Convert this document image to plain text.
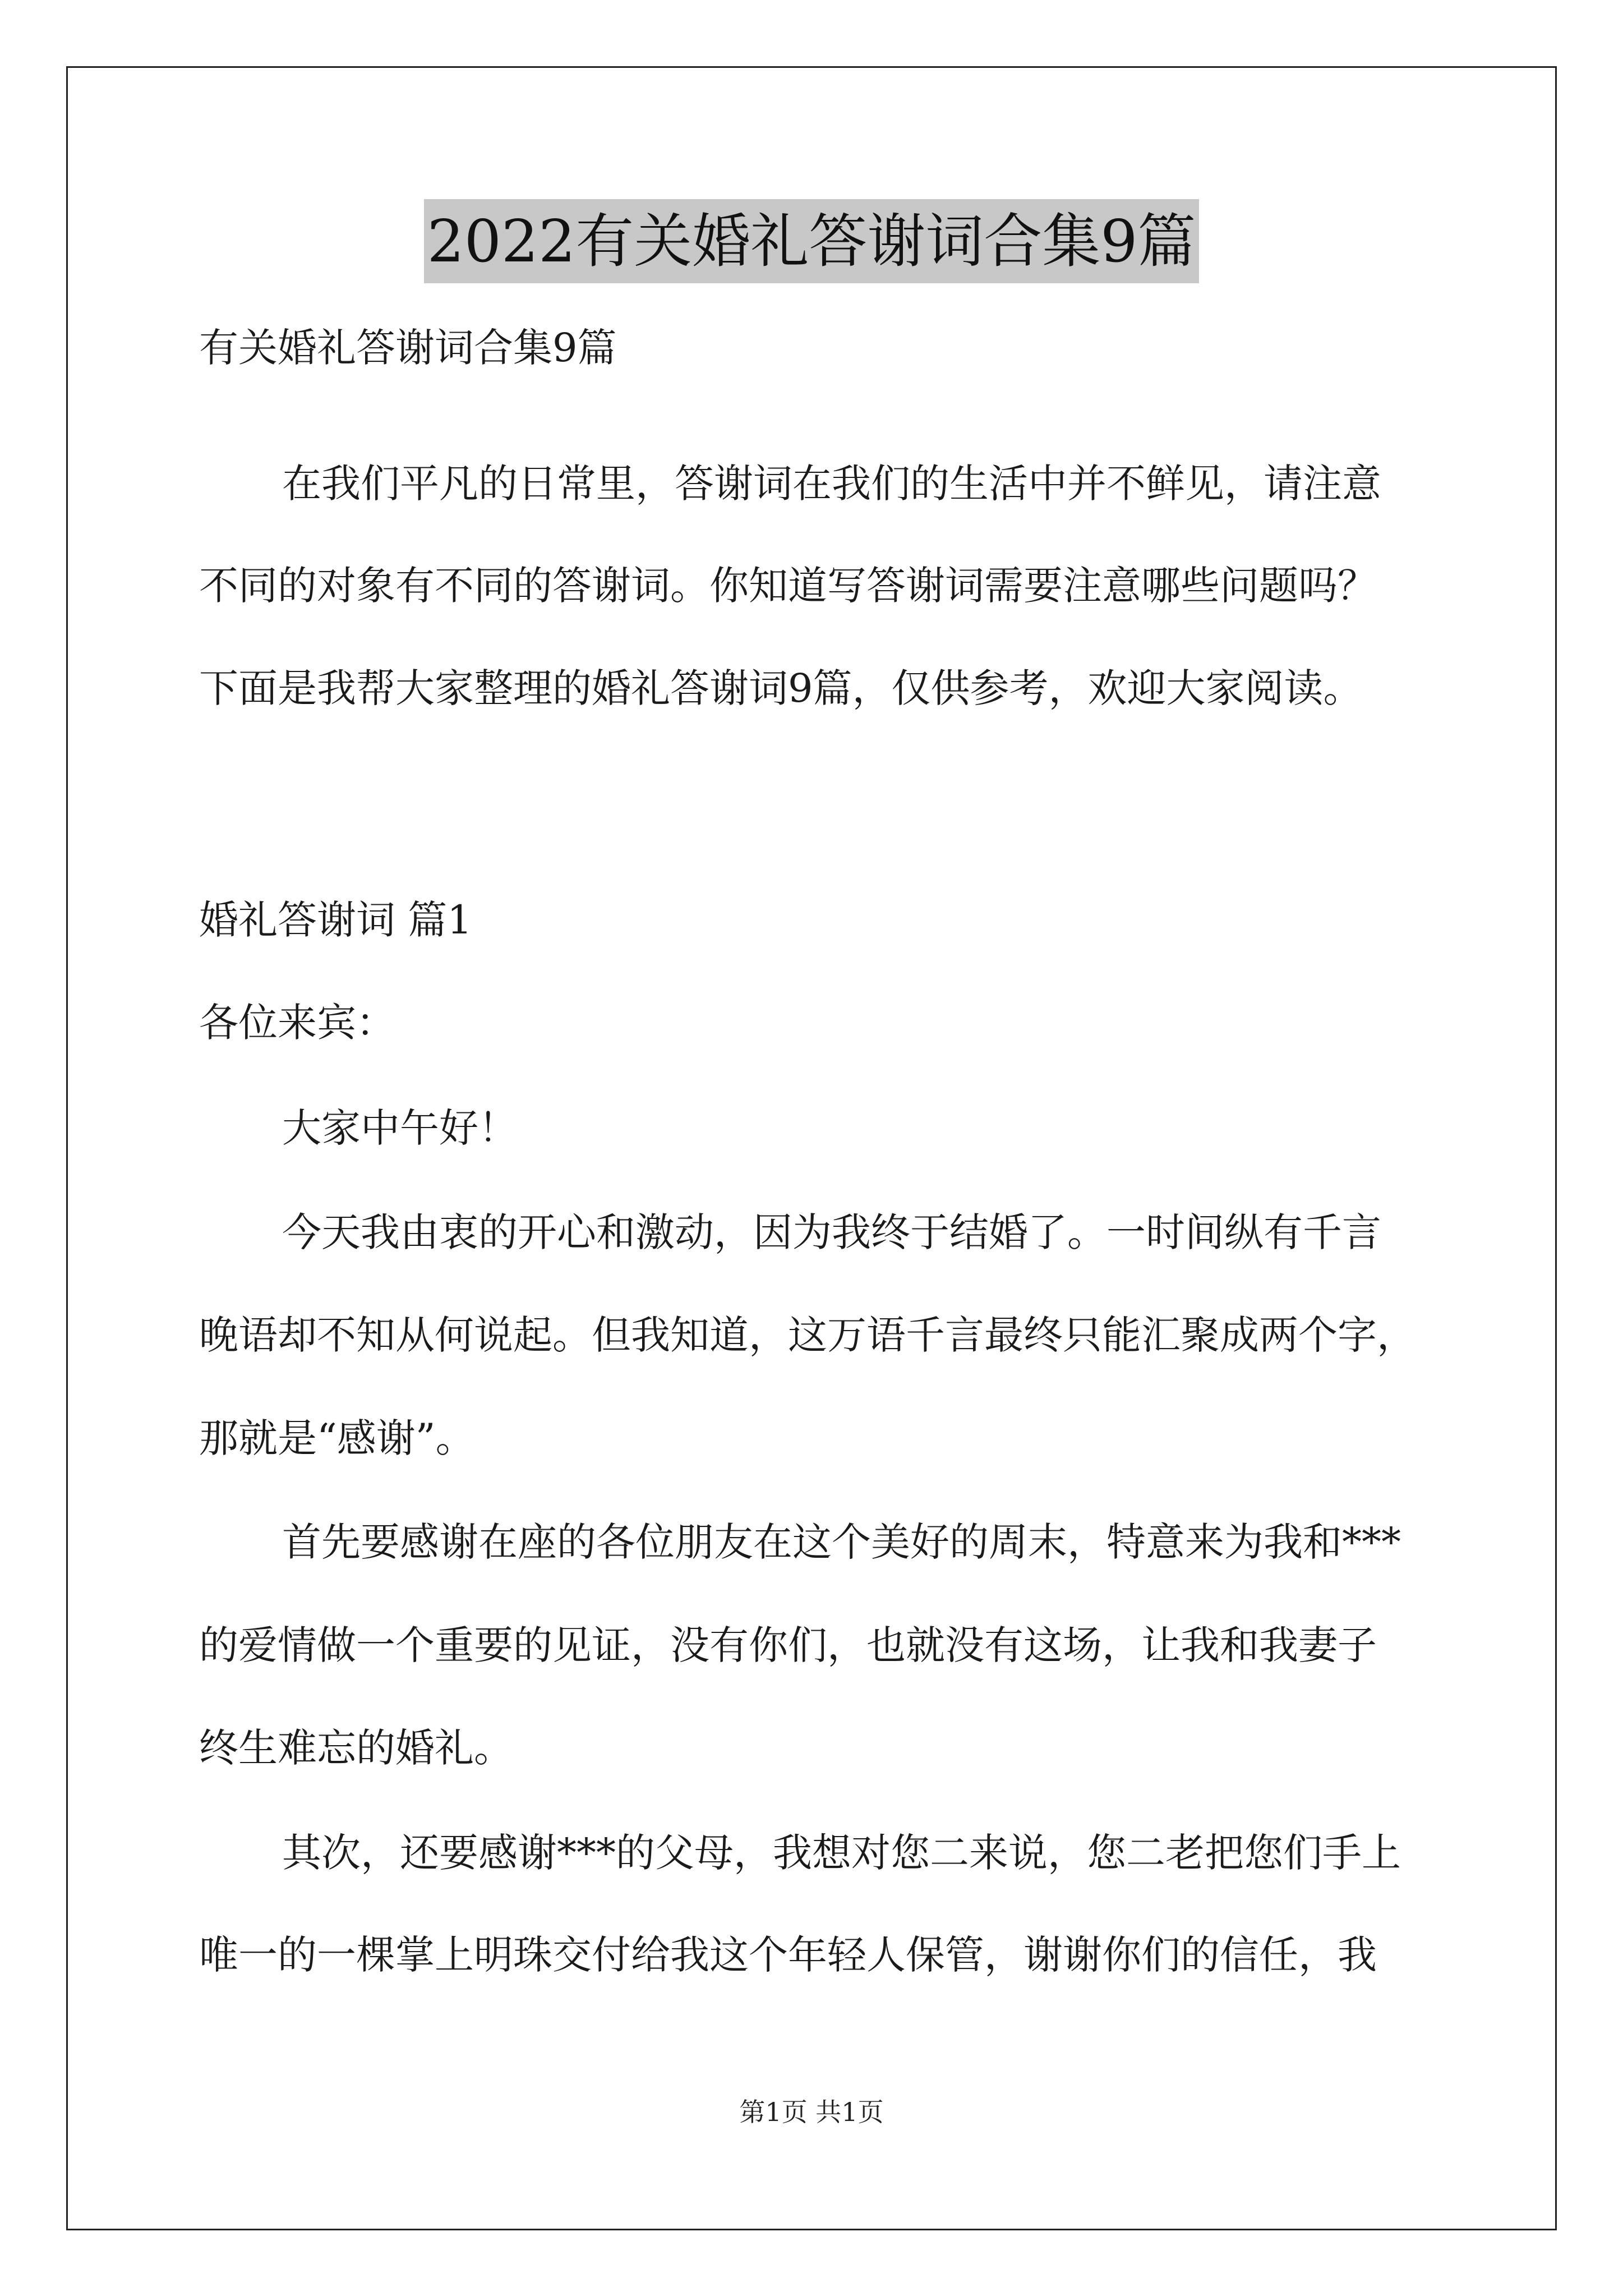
2022有关婚礼答谢词合集9篇
有关婚礼答谢词合集9篇
在我们平凡的日常里，答谢词在我们的生活中并不鲜见，请注意
不同的对象有不同的答谢词。你知道写答谢词需要注意哪些问题吗？
下面是我帮大家整理的婚礼答谢词9篇，仅供参考，欢迎大家阅读。
婚礼答谢词 篇1
各位来宾：
大家中午好！
今天我由衷的开心和激动，因为我终于结婚了。一时间纵有千言
晚语却不知从何说起。但我知道，这万语千言最终只能汇聚成两个字，
那就是“感谢”。
首先要感谢在座的各位朋友在这个美好的周末，特意来为我和***
的爱情做一个重要的见证，没有你们，也就没有这场，让我和我妻子
终生难忘的婚礼。
其次，还要感谢***的父母，我想对您二来说，您二老把您们手上
唯一的一棵掌上明珠交付给我这个年轻人保管，谢谢你们的信任，我
第1页 共1页
